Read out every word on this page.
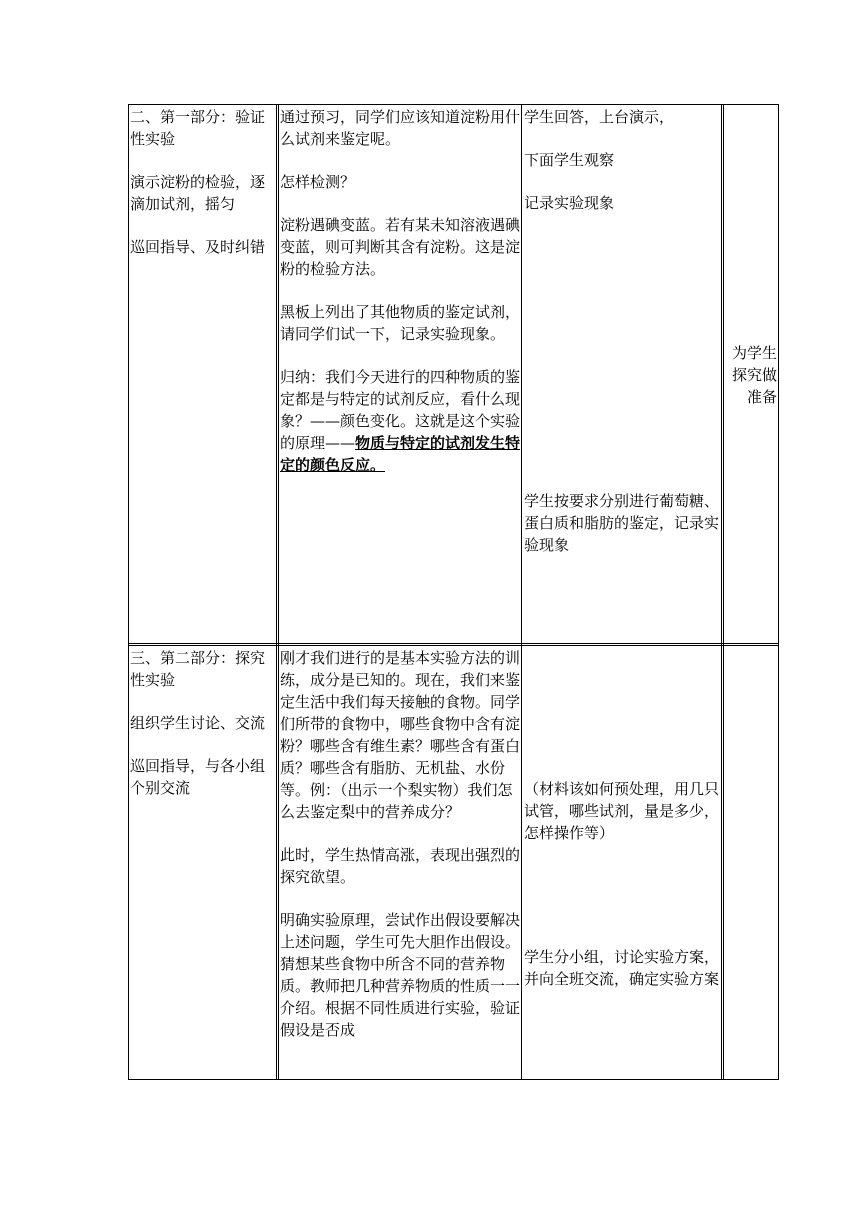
二、第一部分：验证性实验

演示淀粉的检验，逐滴加试剂，摇匀

巡回指导、及时纠错

通过预习，同学们应该知道淀粉用什么试剂来鉴定呢。

怎样检测？

淀粉遇碘变蓝。若有某未知溶液遇碘变蓝，则可判断其含有淀粉。这是淀粉的检验方法。

黑板上列出了其他物质的鉴定试剂，请同学们试一下，记录实验现象。

归纳：我们今天进行的四种物质的鉴定都是与特定的试剂反应，看什么现象？——颜色变化。这就是这个实验的原理——物质与特定的试剂发生特定的颜色反应。

学生回答，上台演示，

下面学生观察

记录实验现象

学生按要求分别进行葡萄糖、蛋白质和脂肪的鉴定，记录实验现象

为学生探究做准备

三、第二部分：探究性实验

组织学生讨论、交流

巡回指导，与各小组个别交流

刚才我们进行的是基本实验方法的训练，成分是已知的。现在，我们来鉴定生活中我们每天接触的食物。同学们所带的食物中，哪些食物中含有淀粉？哪些含有维生素？哪些含有蛋白质？哪些含有脂肪、无机盐、水份等。例：（出示一个梨实物）我们怎么去鉴定梨中的营养成分？

此时，学生热情高涨，表现出强烈的探究欲望。

明确实验原理，尝试作出假设要解决上述问题，学生可先大胆作出假设。猜想某些食物中所含不同的营养物质。教师把几种营养物质的性质一一介绍。根据不同性质进行实验，验证假设是否成

（材料该如何预处理，用几只试管，哪些试剂，量是多少，怎样操作等）

学生分小组，讨论实验方案，并向全班交流，确定实验方案
